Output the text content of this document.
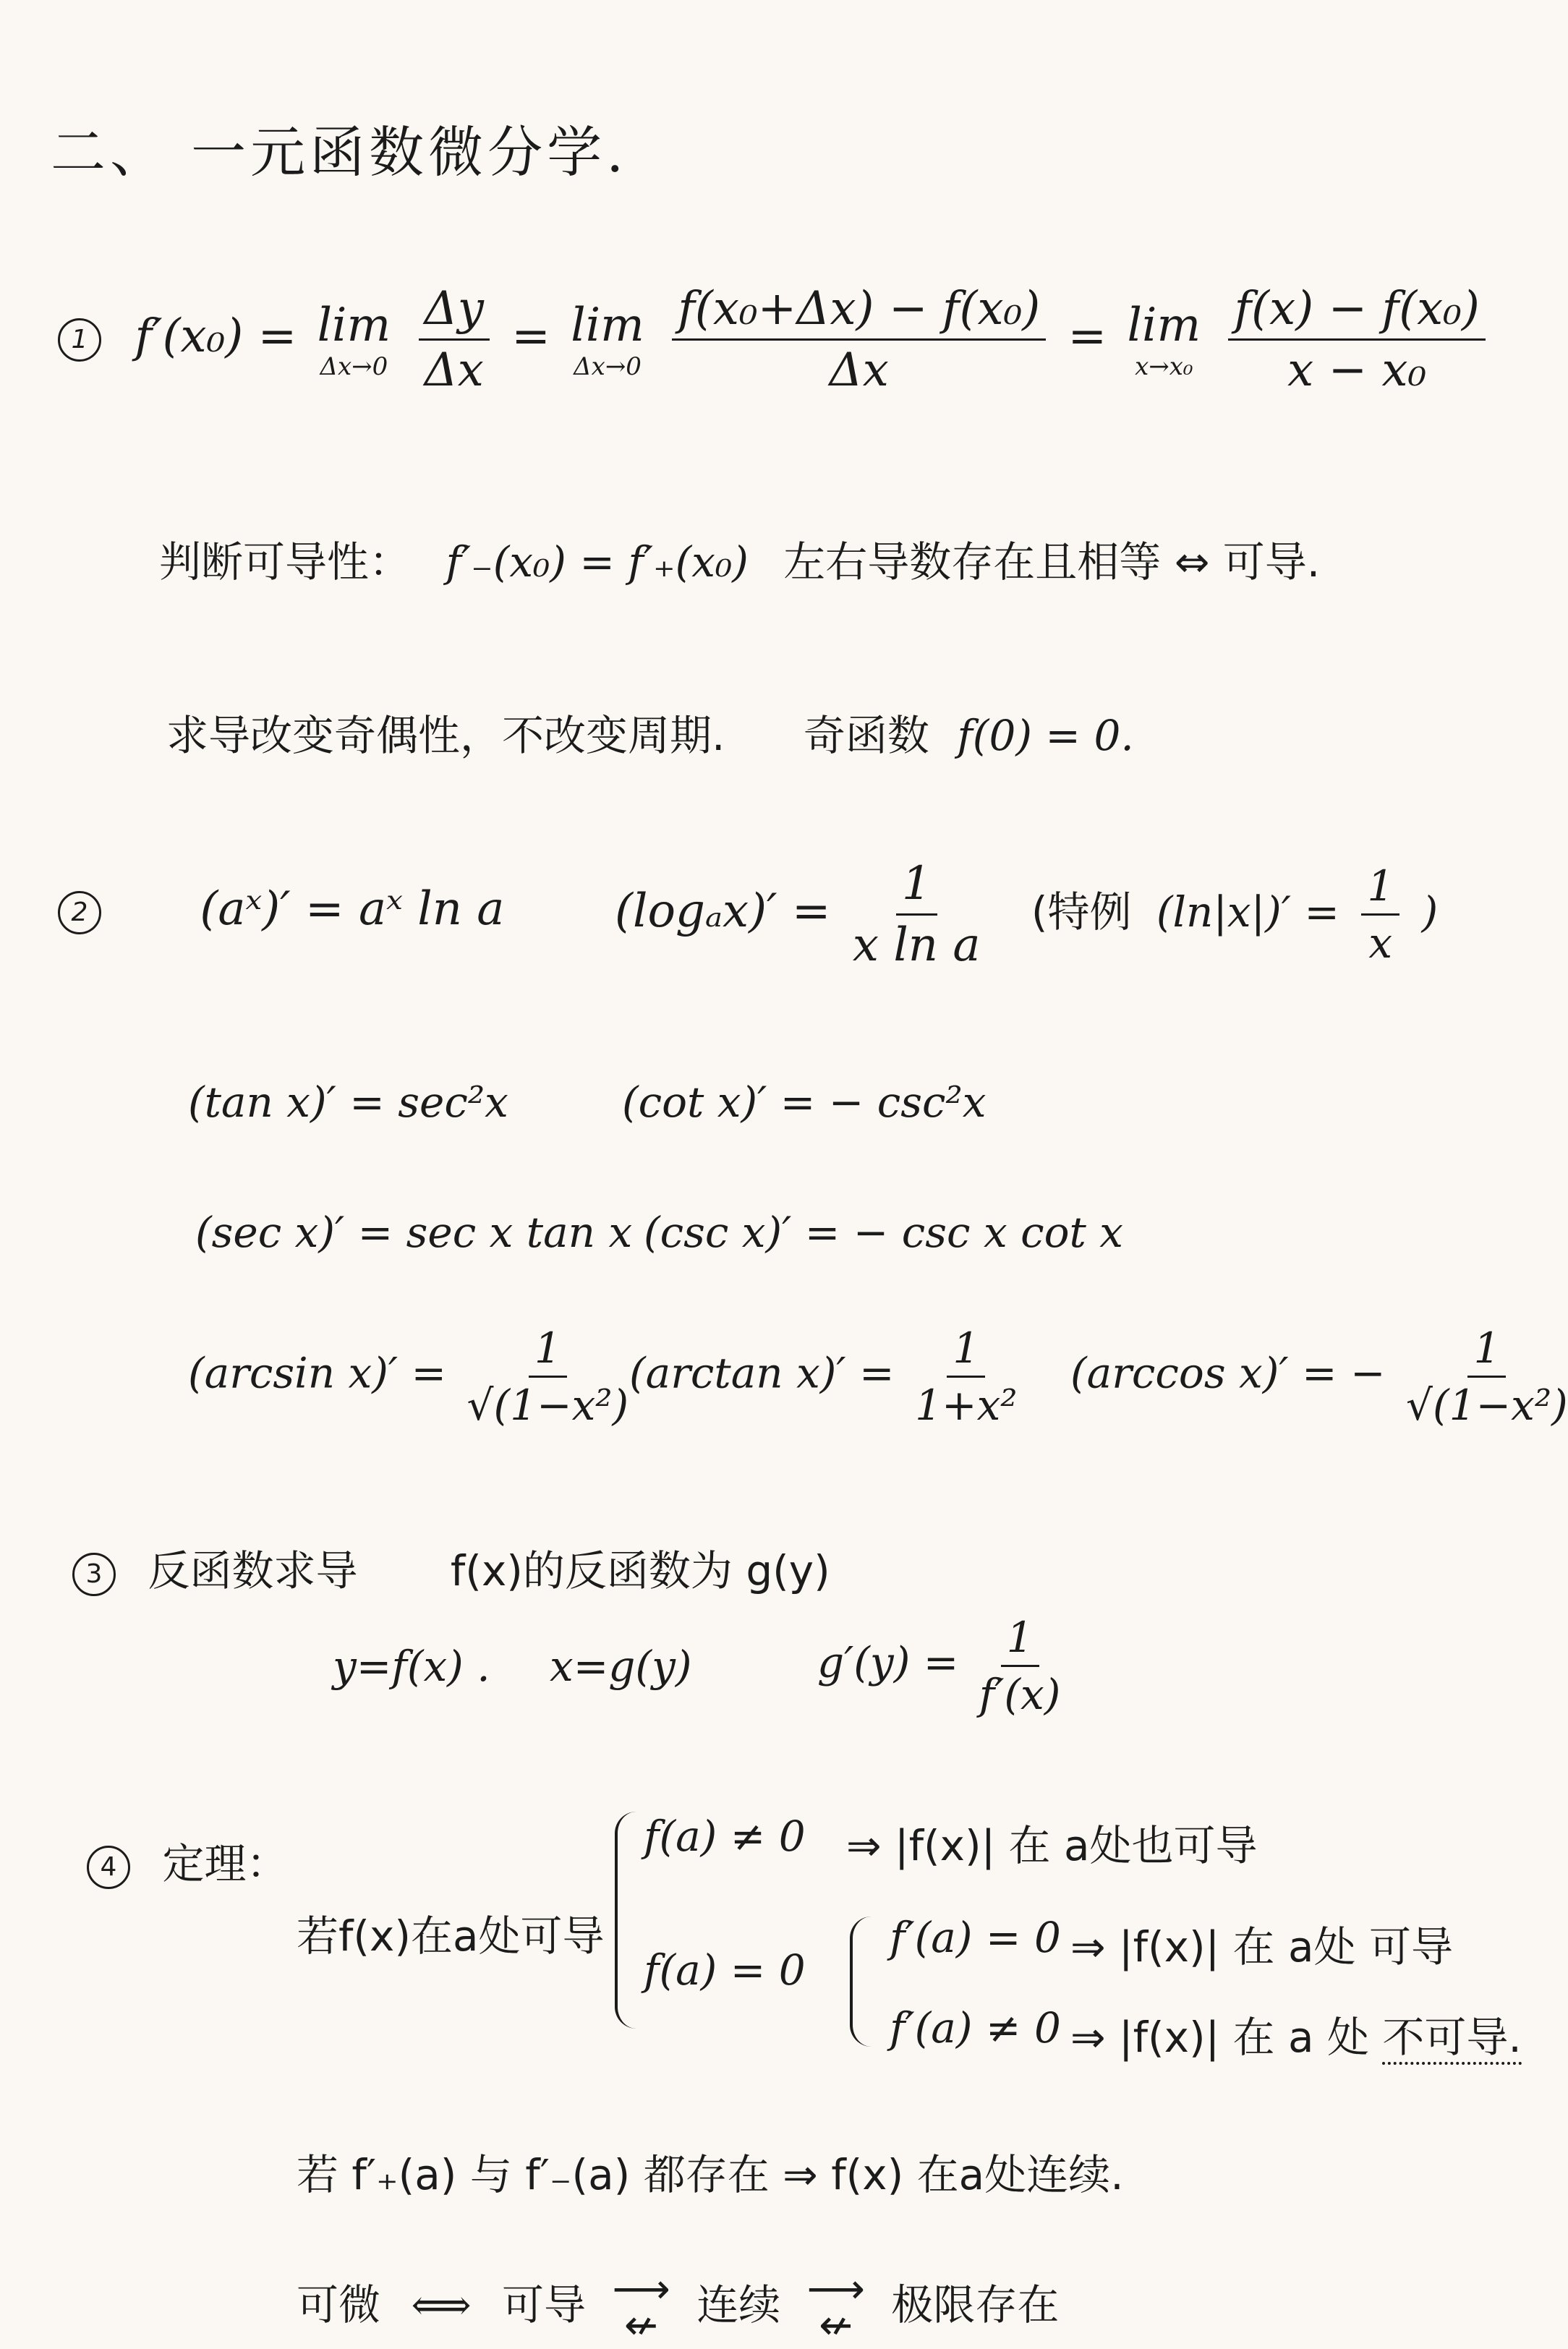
二、 一元函数微分学.
1 f′(x₀) = lim
Δx→0
$\frac{\Delta y}{\Delta x} = \lim$
Δx→0
$\frac{\text{f(x₀+Δx) − f(x₀)}}{\Delta x} = \lim$
x→x₀
$\frac{\text{f(x) − f(x₀)}}{\text{x − x₀}}$
判断可导性： f′₋(x₀) = f′₊(x₀) 左右导数存在且相等 ⇔ 可导.
求导改变奇偶性，不改变周期. 奇函数 f(0) = 0.
2 (aˣ)′ = aˣ ln a $(\log_ax)' = \frac{1}{\text{x ln a}}$ (特例 $(\ln|x|)' = \frac{1}{x}$ )
(tan x)′ = sec²x	(cot x)′ = − csc²x
(sec x)′ = sec x tan x (csc x)′ = − csc x cot x
(arcsin $x)' = \frac{1}{\text{√(1−x²)}} (\arctan$ $x)' = \frac{1}{\text{1+x²}} (\arccos$ x)′ = − $\frac{1}{\text{√(1−x²)}}$
3 反函数求导 f(x)的反函数为 g(y)
y=f(x) . x=g(y)	$g'(y) = \frac{1}{f'(x)}$
4 定理：
若f(x)在a处可导
f(a) ≠ 0 ⇒ |f(x)| 在 a处也可导
f(a) = 0
f′(a) = 0 ⇒ |f(x)| 在 a处 可导
f′(a) ≠ 0 ⇒ |f(x)| 在 a 处 不可导.
若 f′₊(a) 与 f′₋(a) 都存在 ⇒ f(x) 在a处连续.
可微 ⟺ 可导 ⟶
↚ 连续 ⟶
↚ 极限存在
